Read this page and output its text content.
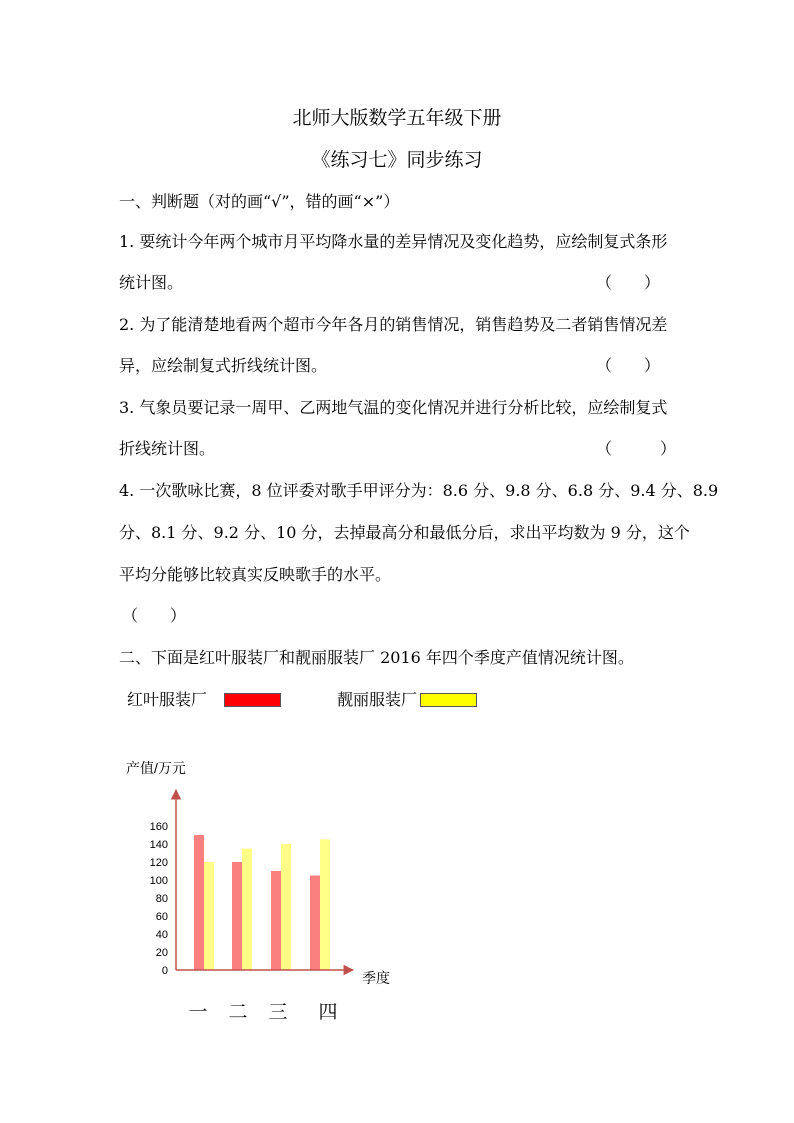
北师大版数学五年级下册
《练习七》同步练习
一、判断题（对的画“√”，错的画“×”）
1. 要统计今年两个城市月平均降水量的差异情况及变化趋势，应绘制复式条形
统计图。	（　　）
2. 为了能清楚地看两个超市今年各月的销售情况，销售趋势及二者销售情况差
异，应绘制复式折线统计图。	（　　）
3. 气象员要记录一周甲、乙两地气温的变化情况并进行分析比较，应绘制复式
折线统计图。	（　　　）
4. 一次歌咏比赛，8 位评委对歌手甲评分为：8.6 分、9.8 分、6.8 分、9.4 分、8.9
分、8.1 分、9.2 分、10 分，去掉最高分和最低分后，求出平均数为 9 分，这个
平均分能够比较真实反映歌手的水平。
（　　）
二、下面是红叶服装厂和靓丽服装厂 2016 年四个季度产值情况统计图。
红叶服装厂	靓丽服装厂
0
20
40
60
80
100
120
140
160
产值/万元
季度
一 二 三 四
